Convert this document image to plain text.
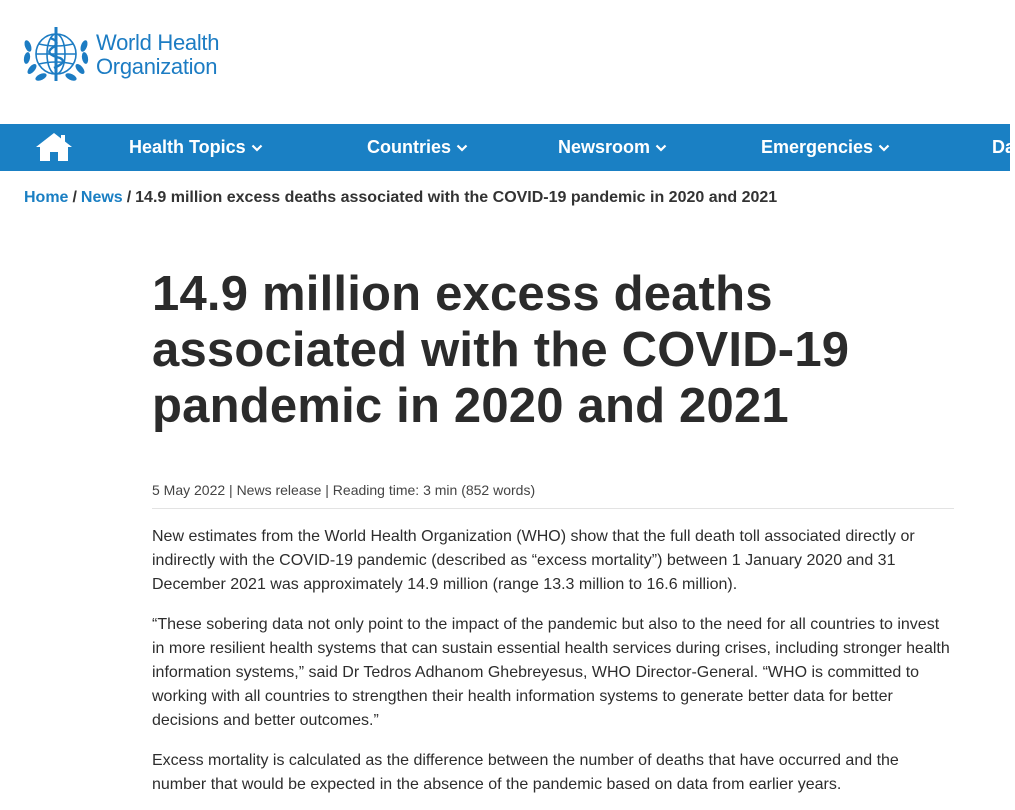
World Health
Organization
Health Topics	Countries	Newsroom	Emergencies	Da
Home / News / 14.9 million excess deaths associated with the COVID-19 pandemic in 2020 and 2021
14.9 million excess deaths associated with the COVID-19 pandemic in 2020 and 2021
5 May 2022 | News release | Reading time: 3 min (852 words)

New estimates from the World Health Organization (WHO) show that the full death toll associated directly or indirectly with the COVID-19 pandemic (described as “excess mortality”) between 1 January 2020 and 31 December 2021 was approximately 14.9 million (range 13.3 million to 16.6 million).

“These sobering data not only point to the impact of the pandemic but also to the need for all countries to invest in more resilient health systems that can sustain essential health services during crises, including stronger health information systems,” said Dr Tedros Adhanom Ghebreyesus, WHO Director-General. “WHO is committed to working with all countries to strengthen their health information systems to generate better data for better decisions and better outcomes.”

Excess mortality is calculated as the difference between the number of deaths that have occurred and the number that would be expected in the absence of the pandemic based on data from earlier years.
